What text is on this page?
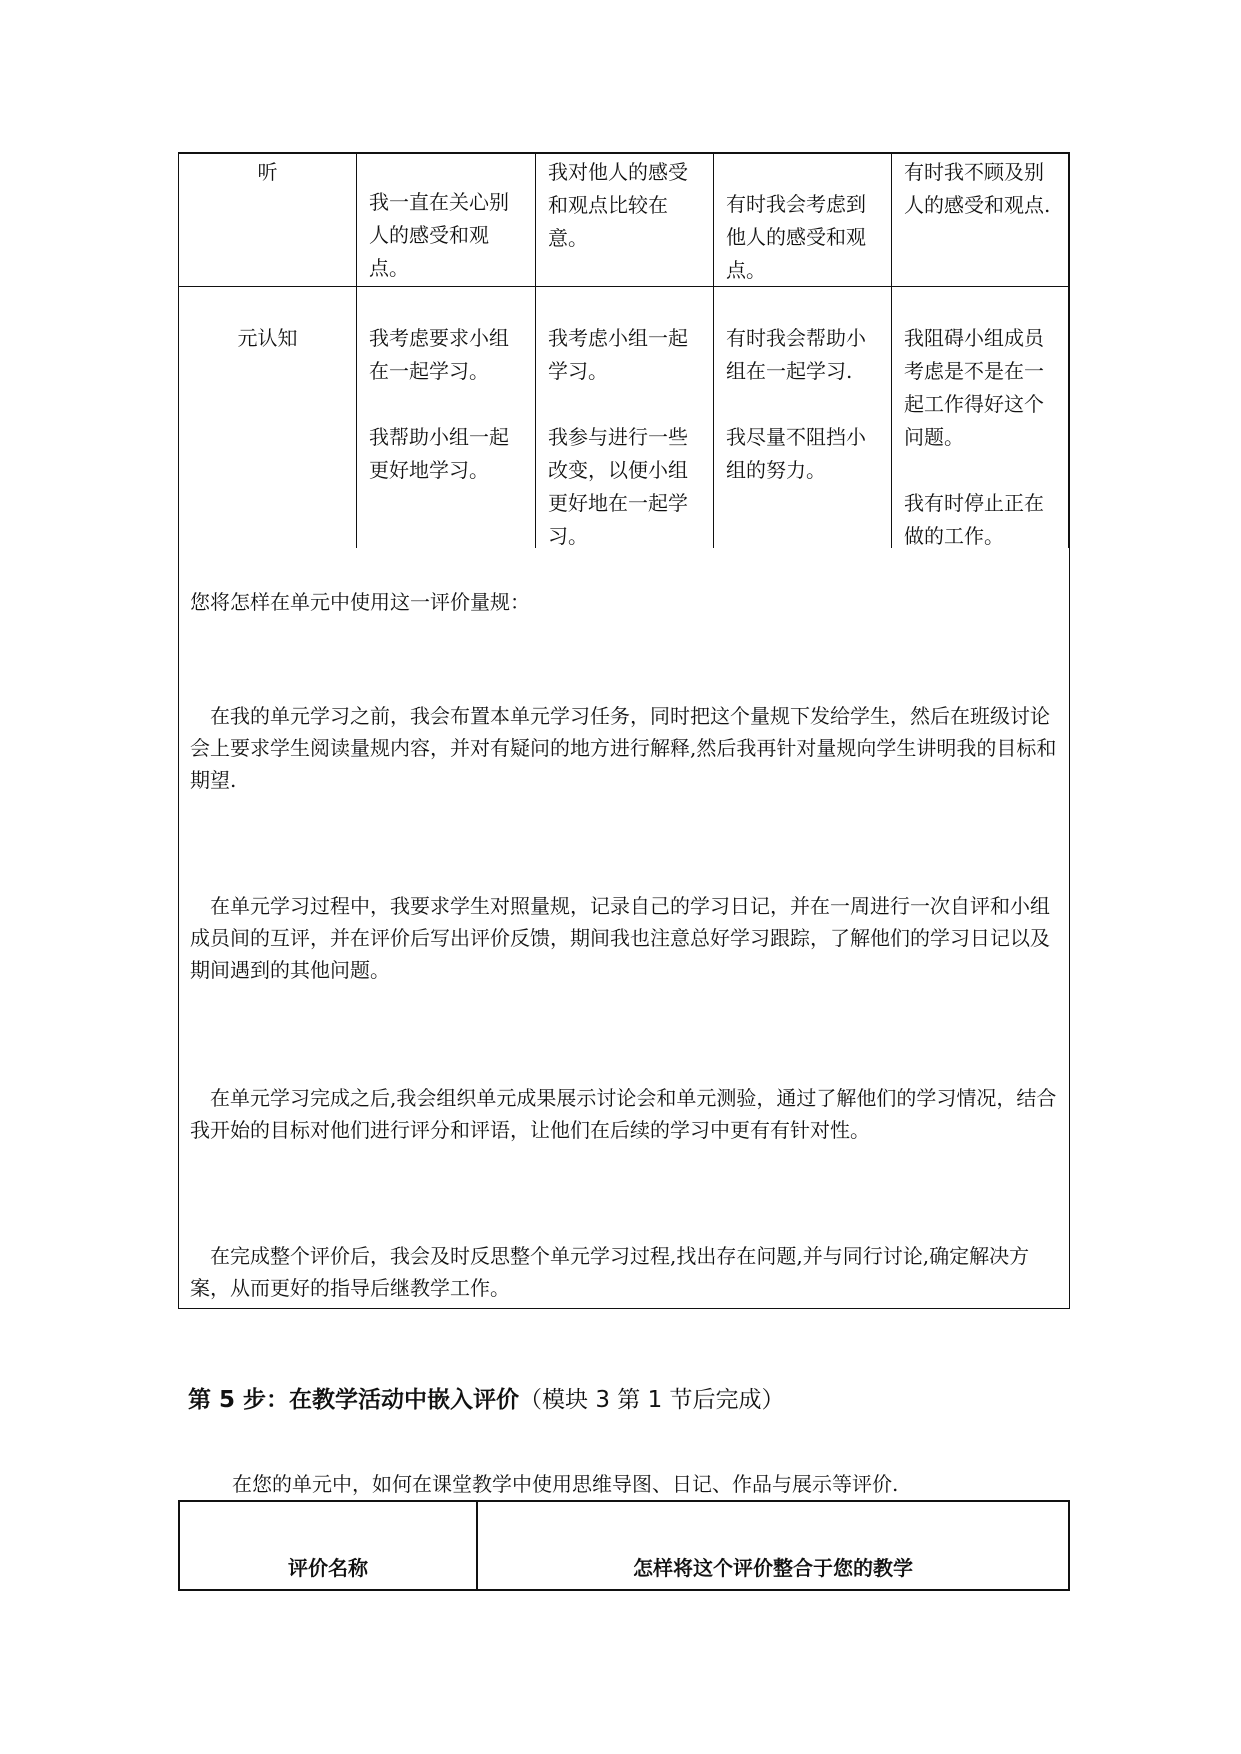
听
我一直在关心别人的感受和观点。
我对他人的感受和观点比较在意。
有时我会考虑到他人的感受和观点。
有时我不顾及别人的感受和观点.
元认知	我考虑要求小组在一起学习。
我帮助小组一起更好地学习。
我考虑小组一起学习。
我参与进行一些改变，以便小组更好地在一起学习。
有时我会帮助小组在一起学习.
我尽量不阻挡小组的努力。
我阻碍小组成员考虑是不是在一起工作得好这个问题。
我有时停止正在做的工作。
您将怎样在单元中使用这一评价量规：
在我的单元学习之前，我会布置本单元学习任务，同时把这个量规下发给学生，然后在班级讨论会上要求学生阅读量规内容，并对有疑问的地方进行解释,然后我再针对量规向学生讲明我的目标和期望.
在单元学习过程中，我要求学生对照量规，记录自己的学习日记，并在一周进行一次自评和小组成员间的互评，并在评价后写出评价反馈，期间我也注意总好学习跟踪，了解他们的学习日记以及期间遇到的其他问题。
在单元学习完成之后,我会组织单元成果展示讨论会和单元测验，通过了解他们的学习情况，结合我开始的目标对他们进行评分和评语，让他们在后续的学习中更有有针对性。
在完成整个评价后，我会及时反思整个单元学习过程,找出存在问题,并与同行讨论,确定解决方案，从而更好的指导后继教学工作。
第 5 步：在教学活动中嵌入评价（模块 3 第 1 节后完成）
在您的单元中，如何在课堂教学中使用思维导图、日记、作品与展示等评价.
评价名称	怎样将这个评价整合于您的教学
